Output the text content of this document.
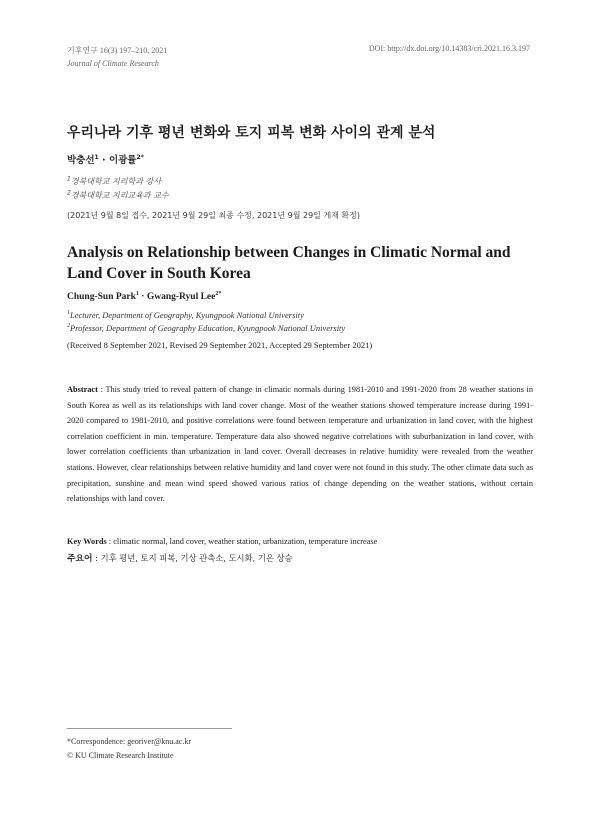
기후연구 16(3) 197–210, 2021
Journal of Climate Research
DOI: http://dx.doi.org/10.14383/cri.2021.16.3.197
우리나라 기후 평년 변화와 토지 피복 변화 사이의 관계 분석
박충선$^1$ · 이광률$^{2*}$
$^1$경북대학교 지리학과 강사
$^2$경북대학교 지리교육과 교수
(2021년 9월 8일 접수, 2021년 9월 29일 최종 수정, 2021년 9월 29일 게재 확정)
Analysis on Relationship between Changes in Climatic Normal and Land Cover in South Korea
Chung-Sun Park$^1$ · Gwang-Ryul Lee$^{2*}$
$^1$Lecturer, Department of Geography, Kyungpook National University
$^2$Professor, Department of Geography Education, Kyungpook National University
(Received 8 September 2021, Revised 29 September 2021, Accepted 29 September 2021)
Abstract : This study tried to reveal pattern of change in climatic normals during 1981-2010 and 1991-2020 from 28 weather stations in South Korea as well as its relationships with land cover change. Most of the weather stations showed temperature increase during 1991-2020 compared to 1981-2010, and positive correlations were found between temperature and urbanization in land cover, with the highest correlation coefficient in min. temperature. Temperature data also showed negative correlations with suburbanization in land cover, with lower correlation coefficients than urbanization in land cover. Overall decreases in relative humidity were revealed from the weather stations. However, clear relationships between relative humidity and land cover were not found in this study. The other climate data such as precipitation, sunshine and mean wind speed showed various ratios of change depending on the weather stations, without certain relationships with land cover.
Key Words : climatic normal, land cover, weather station, urbanization, temperature increase
주요어 : 기후 평년, 토지 피복, 기상 관측소, 도시화, 기온 상승
*Correspondence: georiver@knu.ac.kr
© KU Climate Research Institute
